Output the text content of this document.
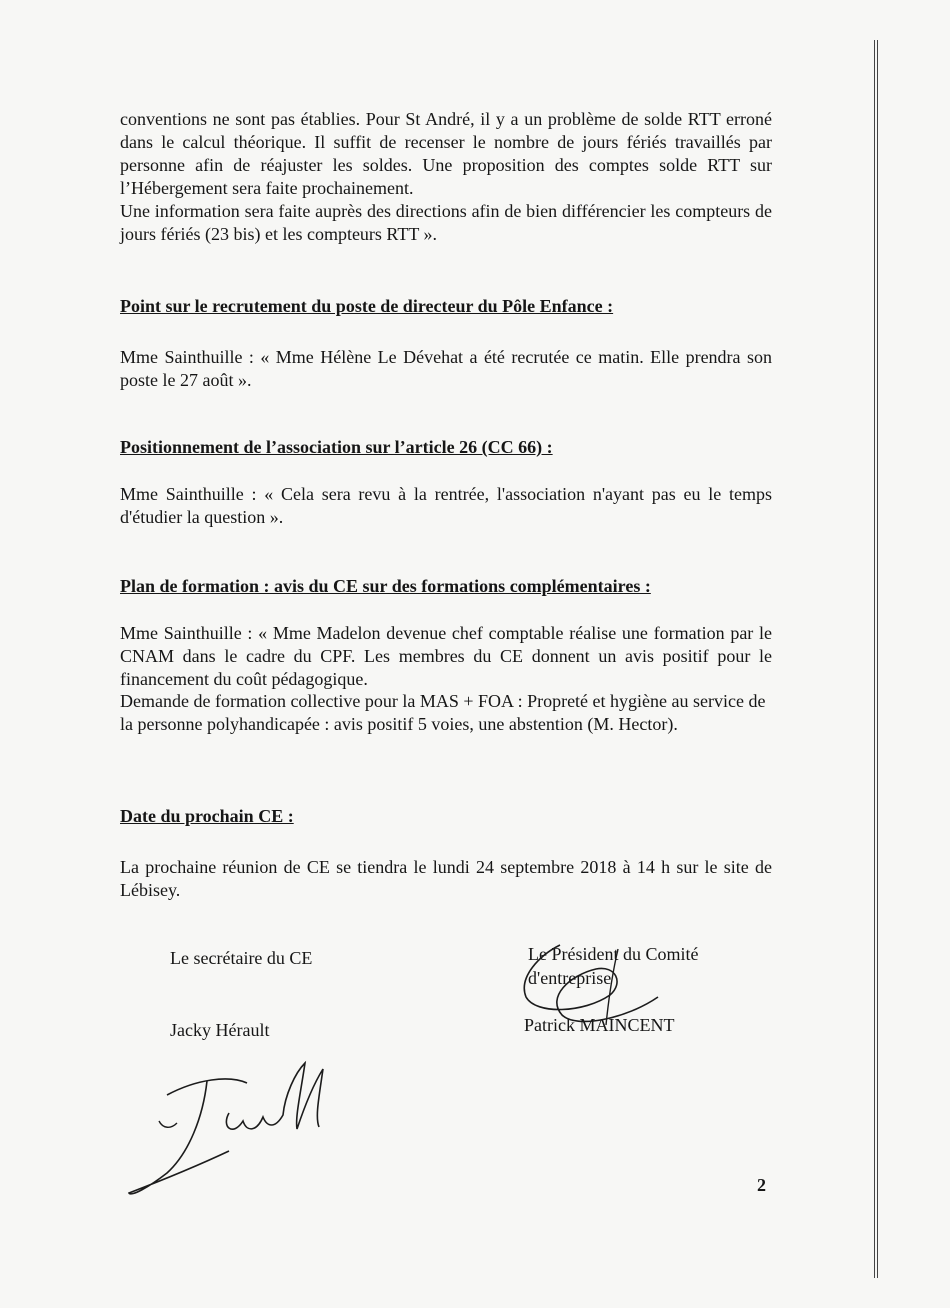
conventions ne sont pas établies. Pour St André, il y a un problème de solde RTT erroné dans le calcul théorique. Il suffit de recenser le nombre de jours fériés travaillés par personne afin de réajuster les soldes. Une proposition des comptes solde RTT sur l’Hébergement sera faite prochainement.

Une information sera faite auprès des directions afin de bien différencier les compteurs de jours fériés (23 bis) et les compteurs RTT ».

Point sur le recrutement du poste de directeur du Pôle Enfance :

Mme Sainthuille : « Mme Hélène Le Dévehat a été recrutée ce matin. Elle prendra son poste le 27 août ».

Positionnement de l’association sur l’article 26 (CC 66) :

Mme Sainthuille : « Cela sera revu à la rentrée, l'association n'ayant pas eu le temps d'étudier la question ».

Plan de formation : avis du CE sur des formations complémentaires :

Mme Sainthuille : « Mme Madelon devenue chef comptable réalise une formation par le CNAM dans le cadre du CPF. Les membres du CE donnent un avis positif pour le financement du coût pédagogique.

Demande de formation collective pour la MAS + FOA : Propreté et hygiène au service de la personne polyhandicapée : avis positif 5 voies, une abstention (M. Hector).

Date du prochain CE :

La prochaine réunion de CE se tiendra le lundi 24 septembre 2018 à 14 h sur le site de Lébisey.

Le secrétaire du CE
Jacky Hérault
Le Président du Comité
d'entreprise
Patrick MAINCENT
2
